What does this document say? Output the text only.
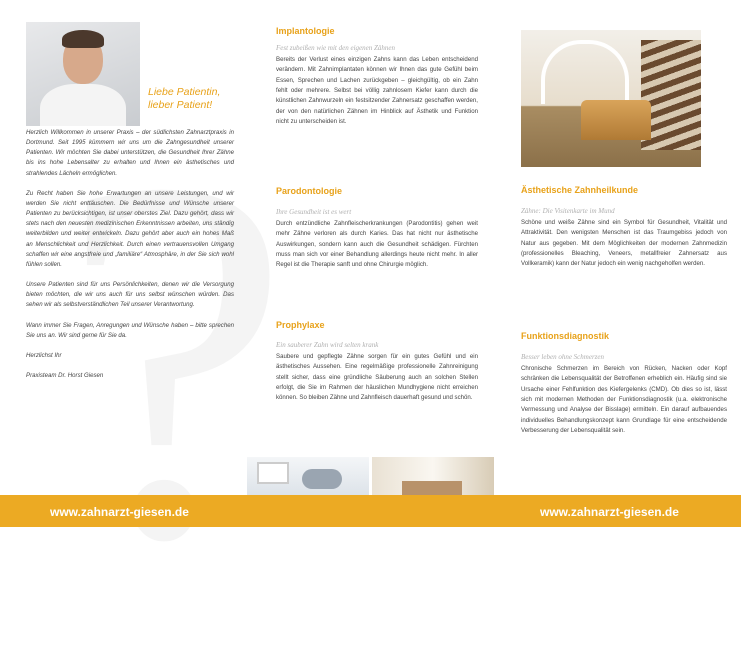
Liebe Patientin,
lieber Patient!

Herzlich Willkommen in unserer Praxis – der südlichsten Zahnarztpraxis in Dortmund. Seit 1995 kümmern wir uns um die Zahngesundheit unserer Patienten. Wir möchten Sie dabei unterstützen, die Gesundheit Ihrer Zähne bis ins hohe Lebensalter zu erhalten und Ihnen ein ästhetisches und strahlendes Lächeln ermöglichen.

Zu Recht haben Sie hohe Erwartungen an unsere Leistungen, und wir werden Sie nicht enttäuschen. Die Bedürfnisse und Wünsche unserer Patienten zu berücksichtigen, ist unser oberstes Ziel. Dazu gehört, dass wir stets nach den neuesten medizinischen Erkenntnissen arbeiten, uns ständig weiterbilden und weiter entwickeln. Dazu gehört aber auch ein hohes Maß an Menschlichkeit und Herzlichkeit. Durch einen vertrauensvollen Umgang schaffen wir eine angstfreie und „familiäre“ Atmosphäre, in der Sie sich wohl fühlen sollen.

Unsere Patienten sind für uns Persönlichkeiten, denen wir die Versorgung bieten möchten, die wir uns auch für uns selbst wünschen würden. Das sehen wir als selbstverständlichen Teil unserer Verantwortung.

Wann immer Sie Fragen, Anregungen und Wünsche haben – bitte sprechen Sie uns an. Wir sind gerne für Sie da.

Herzlichst Ihr

Praxisteam Dr. Horst Giesen

Implantologie
Fest zubeißen wie mit den eigenen Zähnen
Bereits der Verlust eines einzigen Zahns kann das Leben entscheidend verändern. Mit Zahnimplantaten können wir Ihnen das gute Gefühl beim Essen, Sprechen und Lachen zurückgeben – gleichgültig, ob ein Zahn fehlt oder mehrere. Selbst bei völlig zahnlosem Kiefer kann durch die künstlichen Zahnwurzeln ein festsitzender Zahnersatz geschaffen werden, der von den natürlichen Zähnen im Hinblick auf Ästhetik und Funktion nicht zu unterscheiden ist.
Parodontologie
Ihre Gesundheit ist es wert
Durch entzündliche Zahnfleischerkrankungen (Parodontitis) gehen weit mehr Zähne verloren als durch Karies. Das hat nicht nur ästhetische Auswirkungen, sondern kann auch die Gesundheit schädigen. Fürchten muss man sich vor einer Behandlung allerdings heute nicht mehr. In aller Regel ist die Therapie sanft und ohne Chirurgie möglich.
Prophylaxe
Ein sauberer Zahn wird selten krank
Saubere und gepflegte Zähne sorgen für ein gutes Gefühl und ein ästhetisches Aussehen. Eine regelmäßige professionelle Zahnreinigung stellt sicher, dass eine gründliche Säuberung auch an solchen Stellen erfolgt, die Sie im Rahmen der häuslichen Mundhygiene nicht erreichen können. So bleiben Zähne und Zahnfleisch dauerhaft gesund und schön.
Ästhetische Zahnheilkunde
Zähne: Die Visitenkarte im Mund
Schöne und weiße Zähne sind ein Symbol für Gesundheit, Vitalität und Attraktivität. Den wenigsten Menschen ist das Traumgebiss jedoch von Natur aus gegeben. Mit dem Möglichkeiten der modernen Zahnmedizin (professionelles Bleaching, Veneers, metallfreier Zahnersatz aus Vollkeramik) kann der Natur jedoch ein wenig nachgeholfen werden.
Funktionsdiagnostik
Besser leben ohne Schmerzen
Chronische Schmerzen im Bereich von Rücken, Nacken oder Kopf schränken die Lebensqualität der Betroffenen erheblich ein. Häufig sind sie Ursache einer Fehlfunktion des Kiefergelenks (CMD). Ob dies so ist, lässt sich mit modernen Methoden der Funktionsdiagnostik (u.a. elektronische Vermessung und Analyse der Bisslage) ermitteln. Ein darauf aufbauendes individuelles Behandlungskonzept kann Grundlage für eine entscheidende Verbesserung der Lebensqualität sein.
www.zahnarzt-giesen.de	www.zahnarzt-giesen.de
